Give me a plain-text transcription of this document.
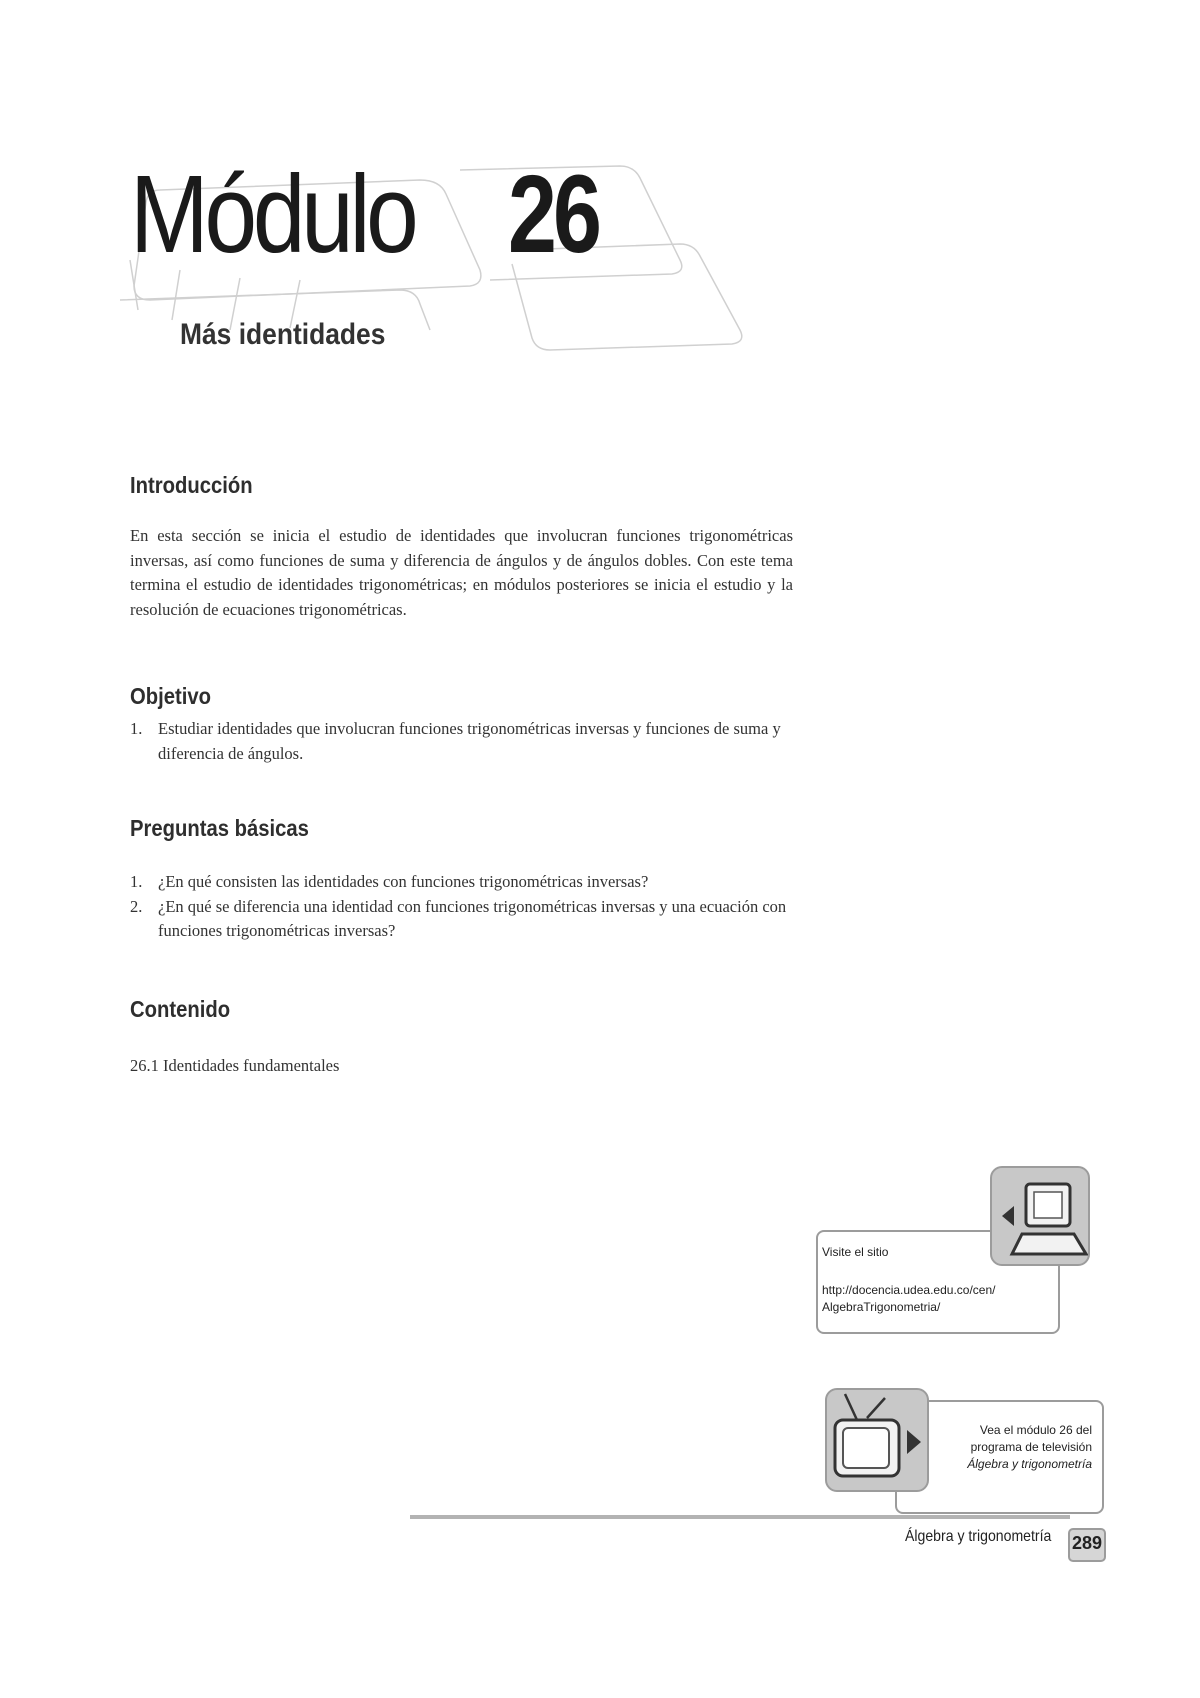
Módulo 26
Más identidades
Introducción

En esta sección se inicia el estudio de identidades que involucran funciones trigonométricas inversas, así como funciones de suma y diferencia de ángulos y de ángulos dobles. Con este tema termina el estudio de identidades trigonométricas; en módulos posteriores se inicia el estudio y la resolución de ecuaciones trigonométricas.

Objetivo
1. Estudiar identidades que involucran funciones trigonométricas inversas y funciones de suma y diferencia de ángulos.
Preguntas básicas
1. ¿En qué consisten las identidades con funciones trigonométricas inversas?
2. ¿En qué se diferencia una identidad con funciones trigonométricas inversas y una ecuación con funciones trigonométricas inversas?
Contenido

26.1 Identidades fundamentales

Visite el sitio
http://docencia.udea.edu.co/cen/ AlgebraTrigonometria/
Vea el módulo 26 del
programa de televisión
Álgebra y trigonometría
Álgebra y trigonometría 289
